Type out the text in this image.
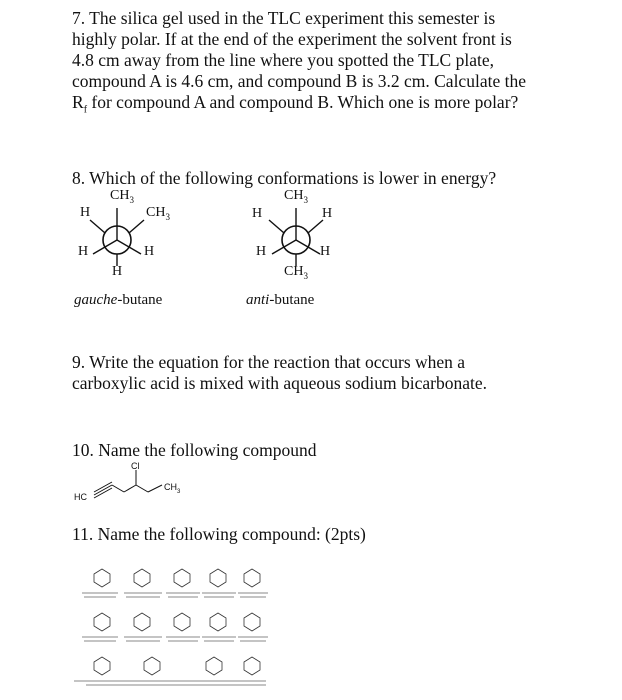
7. The silica gel used in the TLC experiment this semester is

highly polar. If at the end of the experiment the solvent front is

4.8 cm away from the line where you spotted the TLC plate,

compound A is 4.6 cm, and compound B is 3.2 cm. Calculate the

$R_f$ for compound A and compound B. Which one is more polar?

8. Which of the following conformations is lower in energy?

$CH_3$
H	$CH_3$
H	H
H
gauche-butane
$CH_3$
H	H
H	H
$CH_3$
anti-butane

9. Write the equation for the reaction that occurs when a

carboxylic acid is mixed with aqueous sodium bicarbonate.

10. Name the following compound

Cl
HC
$CH_3$

11. Name the following compound: (2pts)
